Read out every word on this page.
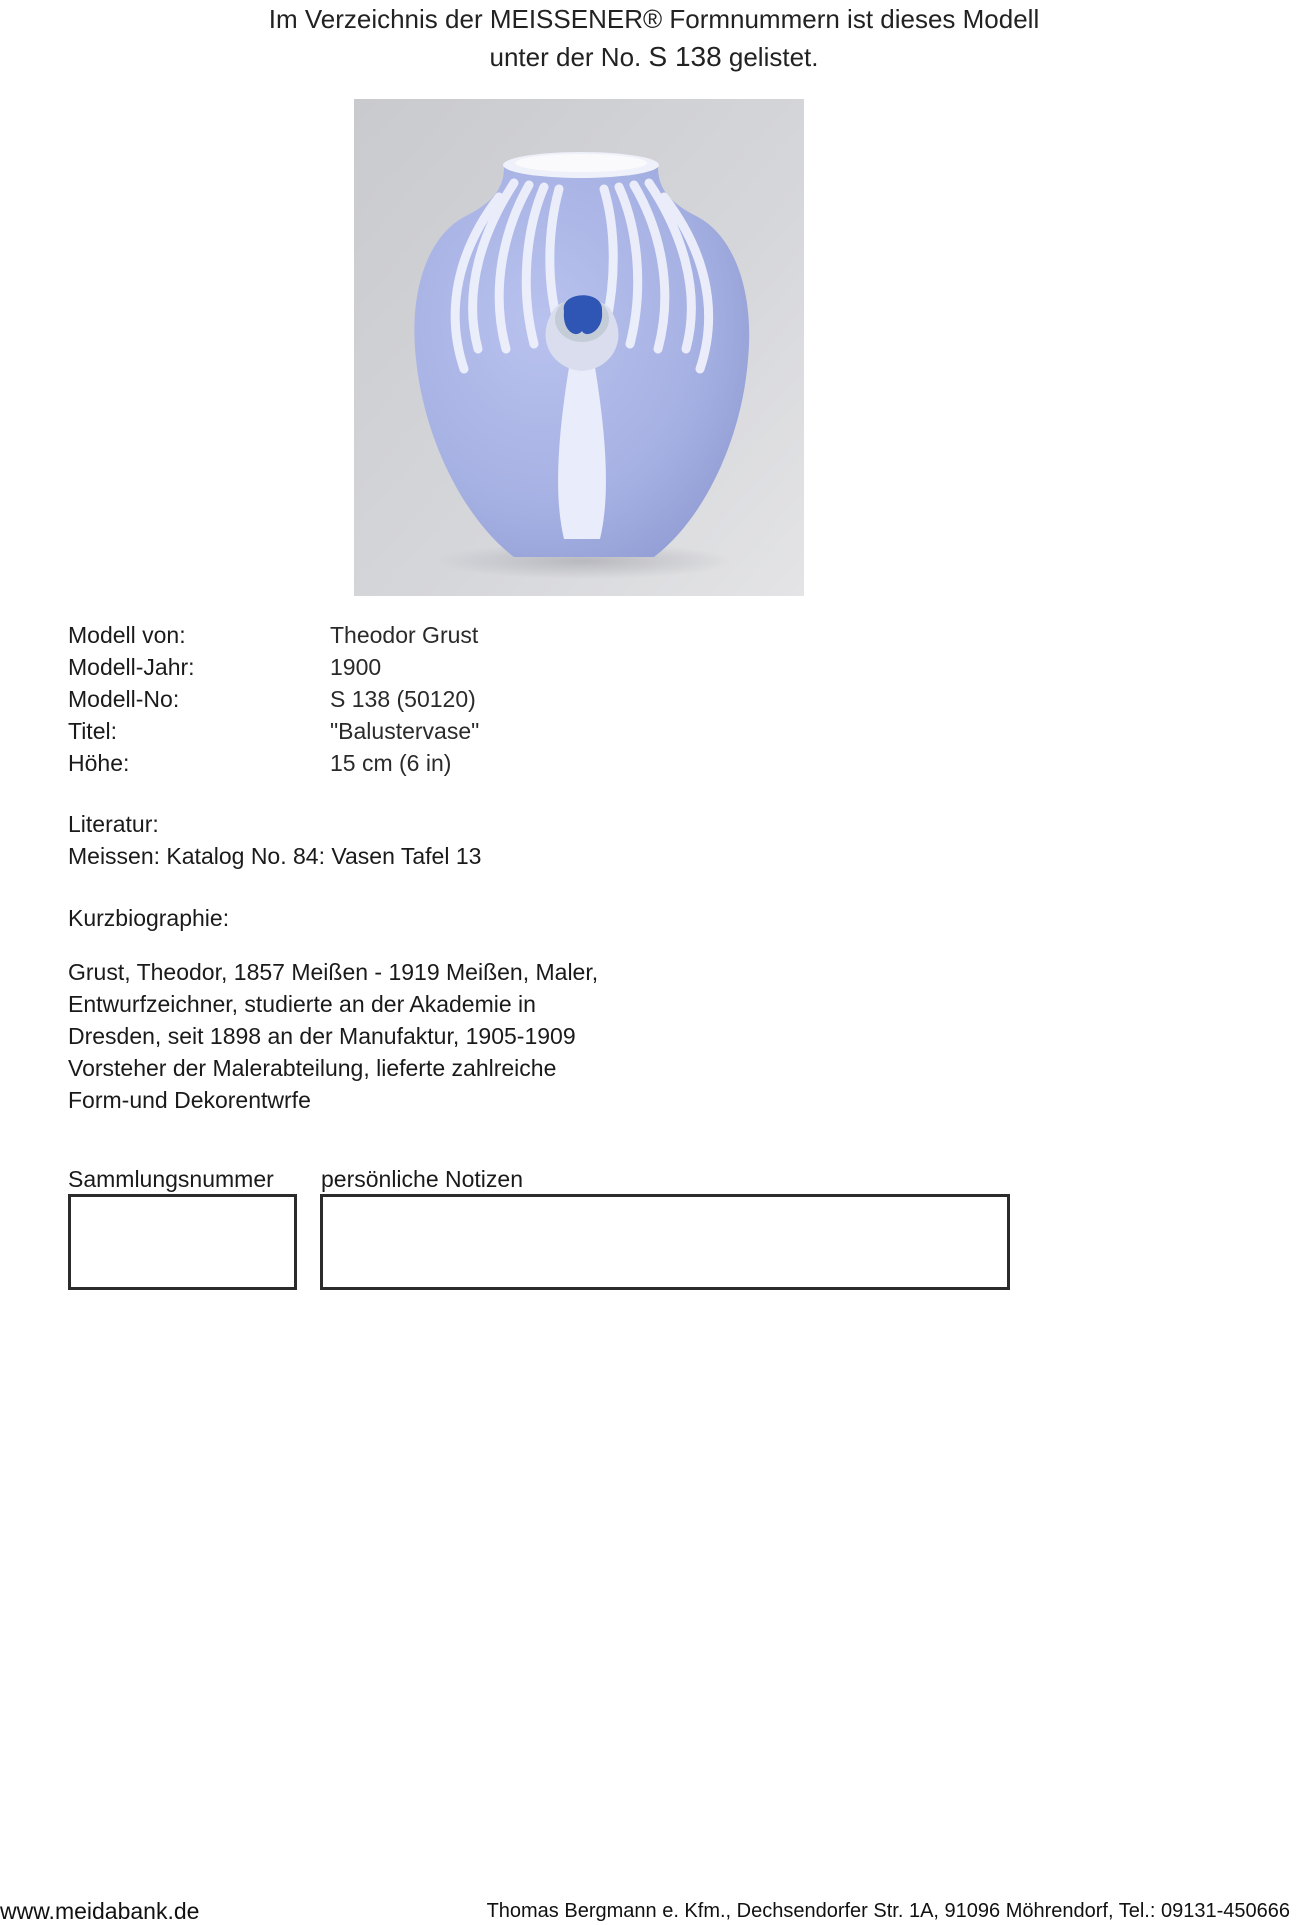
Im Verzeichnis der MEISSENER® Formnummern ist dieses Modell
unter der No. S 138 gelistet.
Modell von:	Theodor Grust
Modell-Jahr:	1900
Modell-No:	S 138 (50120)
Titel:	"Balustervase"
Höhe:	15 cm (6 in)
Literatur:
Meissen: Katalog No. 84: Vasen Tafel 13
Kurzbiographie:
Grust, Theodor, 1857 Meißen - 1919 Meißen, Maler,
Entwurfzeichner, studierte an der Akademie in
Dresden, seit 1898 an der Manufaktur, 1905-1909
Vorsteher der Malerabteilung, lieferte zahlreiche
Form-und Dekorentwrfe
Sammlungsnummer persönliche Notizen
www.meidabank.de	Thomas Bergmann e. Kfm., Dechsendorfer Str. 1A, 91096 Möhrendorf, Tel.: 09131-450666
